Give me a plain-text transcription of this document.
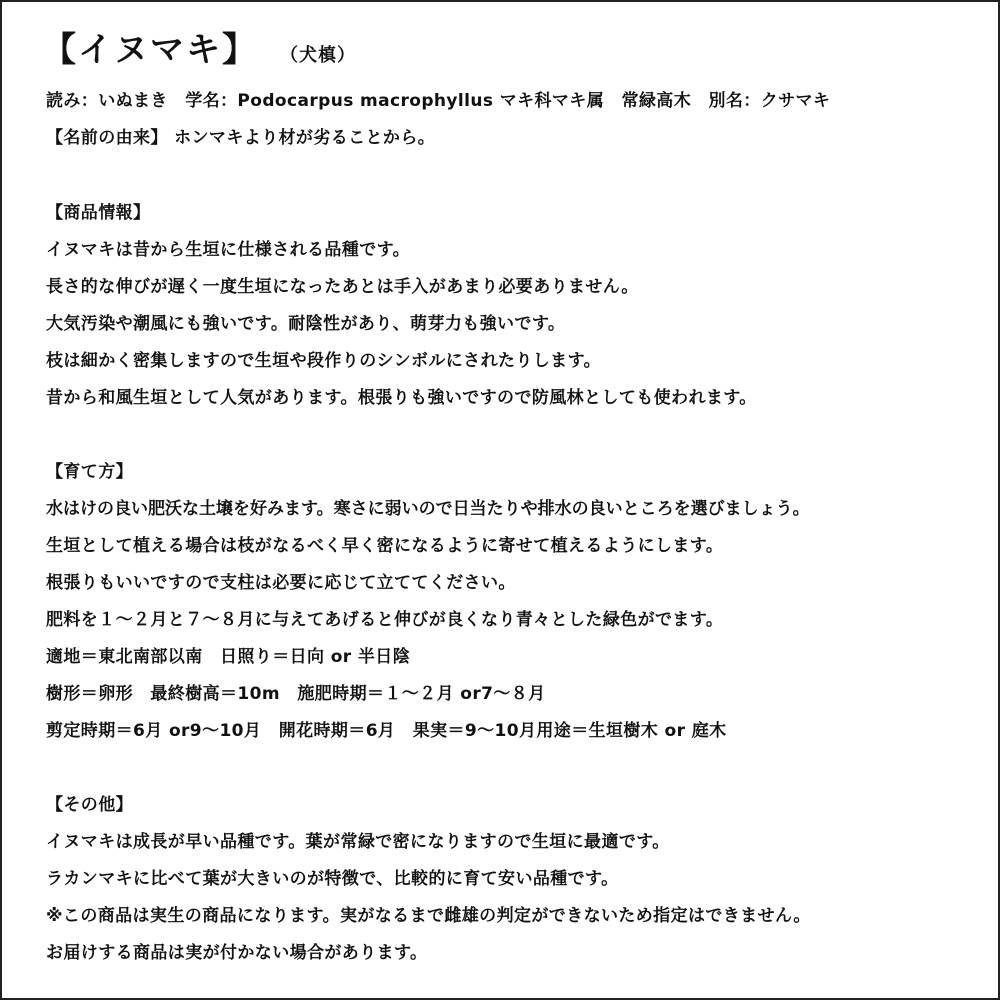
【イヌマキ】 （犬槙）
読み：いぬまき　学名：Podocarpus macrophyllus マキ科マキ属　常緑高木　別名：クサマキ
【名前の由来】 ホンマキより材が劣ることから。
【商品情報】
イヌマキは昔から生垣に仕様される品種です。
長さ的な伸びが遅く一度生垣になったあとは手入があまり必要ありません。
大気汚染や潮風にも強いです。耐陰性があり、萌芽力も強いです。
枝は細かく密集しますので生垣や段作りのシンボルにされたりします。
昔から和風生垣として人気があります。根張りも強いですので防風林としても使われます。
【育て方】
水はけの良い肥沃な土壌を好みます。寒さに弱いので日当たりや排水の良いところを選びましょう。
生垣として植える場合は枝がなるべく早く密になるように寄せて植えるようにします。
根張りもいいですので支柱は必要に応じて立ててください。
肥料を１～２月と７～８月に与えてあげると伸びが良くなり青々とした緑色がでます。
適地＝東北南部以南　日照り＝日向 or 半日陰
樹形＝卵形　最終樹高＝10m　施肥時期＝１～２月 or7～８月
剪定時期＝6月 or9～10月　開花時期＝6月　果実＝9～10月用途＝生垣樹木 or 庭木
【その他】
イヌマキは成長が早い品種です。葉が常緑で密になりますので生垣に最適です。
ラカンマキに比べて葉が大きいのが特徴で、比較的に育て安い品種です。
※この商品は実生の商品になります。実がなるまで雌雄の判定ができないため指定はできません。
お届けする商品は実が付かない場合があります。
